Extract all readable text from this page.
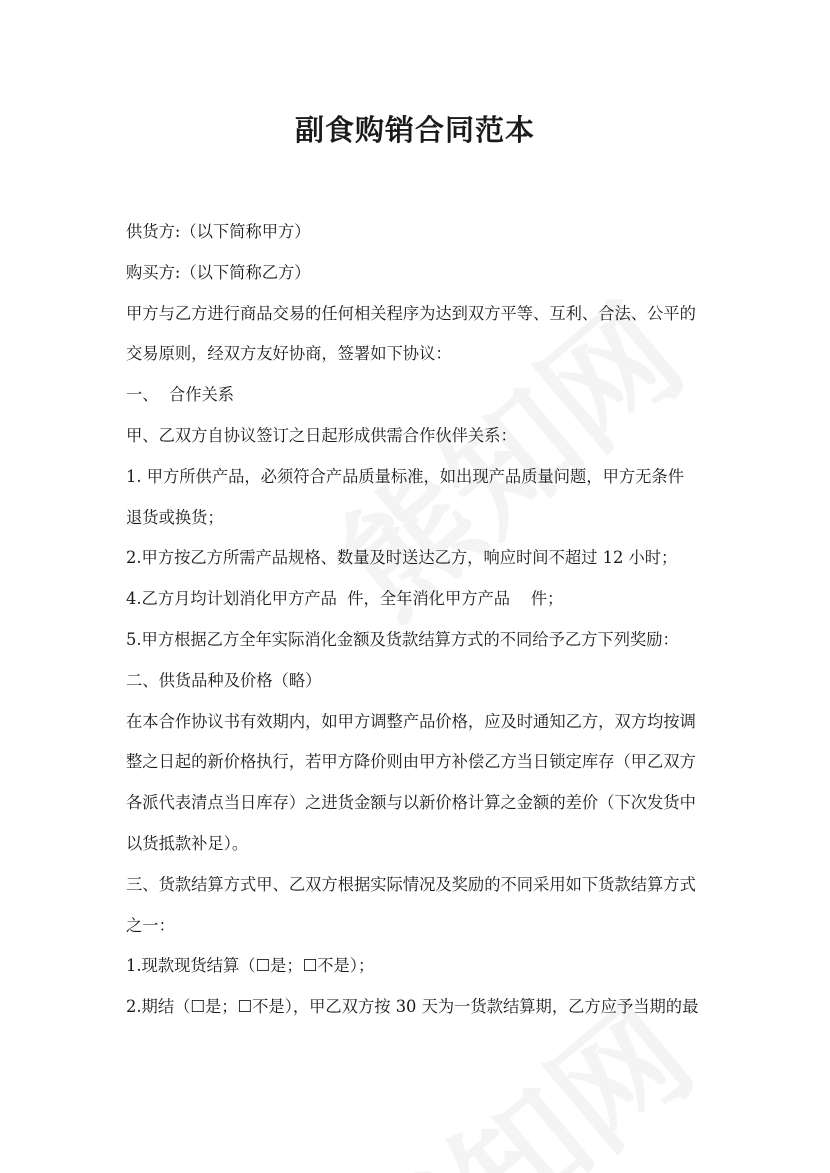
副食购销合同范本

供货方:（以下简称甲方）

购买方:（以下简称乙方）

甲方与乙方进行商品交易的任何相关程序为达到双方平等、互利、合法、公平的

交易原则，经双方友好协商，签署如下协议：

一、  合作关系

甲、乙双方自协议签订之日起形成供需合作伙伴关系：

1. 甲方所供产品，必须符合产品质量标准，如出现产品质量问题，甲方无条件

退货或换货；

2.甲方按乙方所需产品规格、数量及时送达乙方，响应时间不超过 12 小时；

4.乙方月均计划消化甲方产品  件，全年消化甲方产品    件；

5.甲方根据乙方全年实际消化金额及货款结算方式的不同给予乙方下列奖励：

二、供货品种及价格（略）

在本合作协议书有效期内，如甲方调整产品价格，应及时通知乙方，双方均按调

整之日起的新价格执行，若甲方降价则由甲方补偿乙方当日锁定库存（甲乙双方

各派代表清点当日库存）之进货金额与以新价格计算之金额的差价（下次发货中

以货抵款补足）。

三、货款结算方式甲、乙双方根据实际情况及奖励的不同采用如下货款结算方式

之一：

1.现款现货结算（☐是；☐不是）；

2.期结（☐是；☐不是），甲乙双方按 30 天为一货款结算期，乙方应予当期的最
